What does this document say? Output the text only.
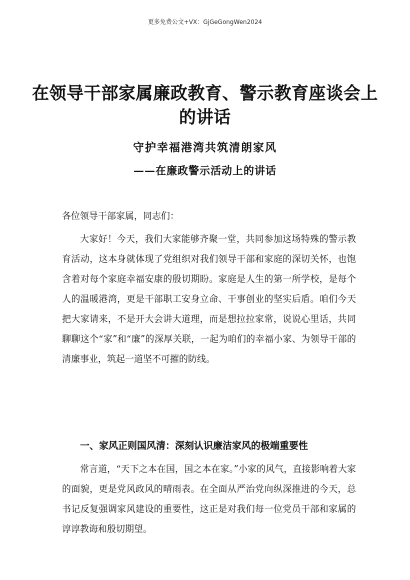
更多免费公文+VX：GjGeGongWen2024
在领导干部家属廉政教育、警示教育座谈会上的讲话
守护幸福港湾共筑清朗家风
——在廉政警示活动上的讲话

各位领导干部家属，同志们：

大家好！今天，我们大家能够齐聚一堂，共同参加这场特殊的警示教育活动，这本身就体现了党组织对我们领导干部和家庭的深切关怀，也饱含着对每个家庭幸福安康的殷切期盼。家庭是人生的第一所学校，是每个人的温暖港湾，更是干部职工安身立命、干事创业的坚实后盾。咱们今天把大家请来，不是开大会讲大道理，而是想拉拉家常，说说心里话，共同聊聊这个“家”和“廉”的深厚关联，一起为咱们的幸福小家、为领导干部的清廉事业，筑起一道坚不可摧的防线。

一、家风正则国风清：深刻认识廉洁家风的极端重要性

常言道，“天下之本在国，国之本在家。”小家的风气，直接影响着大家的面貌，更是党风政风的晴雨表。在全面从严治党向纵深推进的今天，总书记反复强调家风建设的重要性，这正是对我们每一位党员干部和家属的谆谆教诲和殷切期望。
